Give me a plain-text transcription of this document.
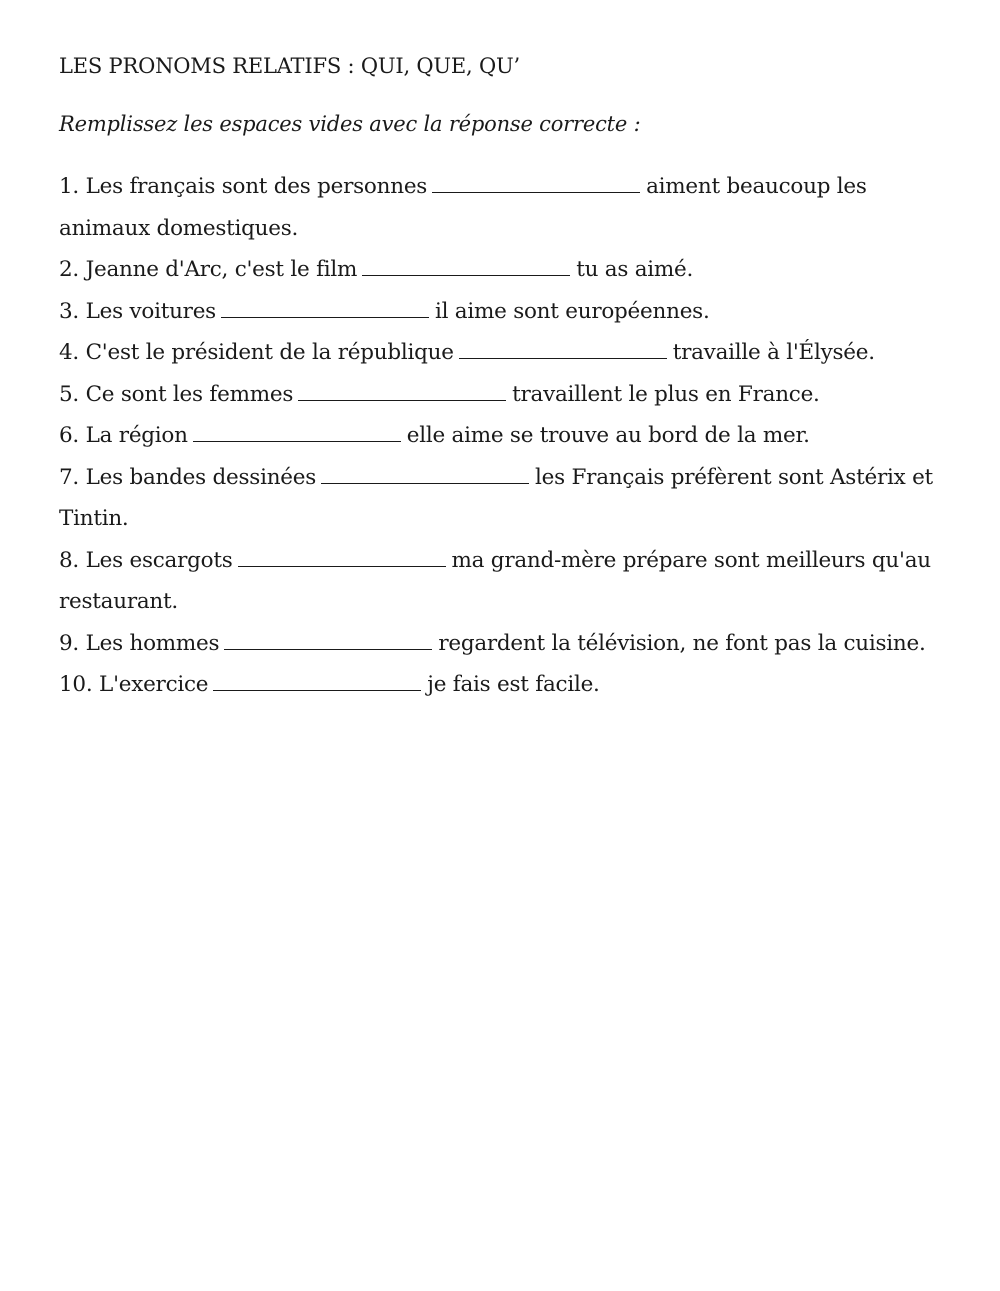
LES PRONOMS RELATIFS : QUI, QUE, QU’

Remplissez les espaces vides avec la réponse correcte :

1. Les français sont des personnes	aiment beaucoup les animaux domestiques.
2. Jeanne d'Arc, c'est le film	tu as aimé.
3. Les voitures	il aime sont européennes.
4. C'est le président de la république	travaille à l'Élysée.
5. Ce sont les femmes	travaillent le plus en France.
6. La région	elle aime se trouve au bord de la mer.
7. Les bandes dessinées	les Français préfèrent sont Astérix et Tintin.
8. Les escargots	ma grand-mère prépare sont meilleurs qu'au restaurant.
9. Les hommes	regardent la télévision, ne font pas la cuisine.
10. L'exercice	je fais est facile.
